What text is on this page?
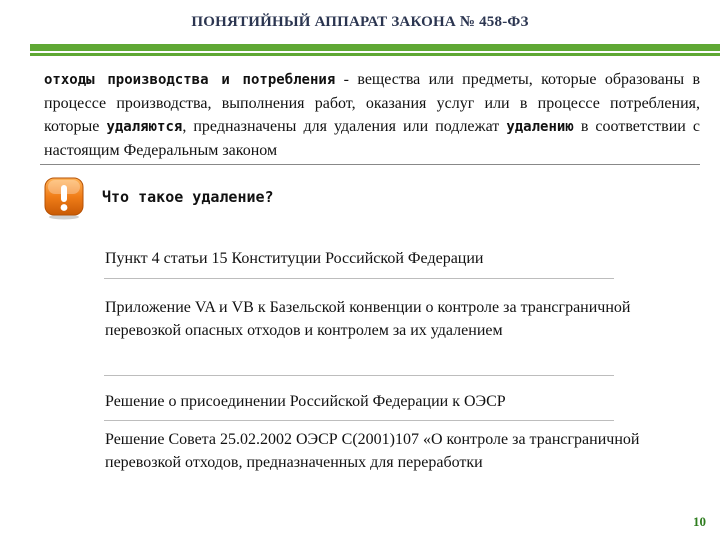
ПОНЯТИЙНЫЙ АППАРАТ ЗАКОНА № 458-ФЗ
отходы производства и потребления - вещества или предметы, которые образованы в процессе производства, выполнения работ, оказания услуг или в процессе потребления, которые удаляются, предназначены для удаления или подлежат удалению в соответствии с настоящим Федеральным законом
Что такое удаление?
Пункт 4 статьи 15 Конституции Российской Федерации
Приложение VA и VB к Базельской конвенции о контроле за трансграничной перевозкой опасных отходов и контролем за их удалением
Решение о присоединении Российской Федерации к ОЭСР
Решение Совета 25.02.2002 ОЭСР C(2001)107 «О контроле за трансграничной перевозкой отходов, предназначенных для переработки
10
